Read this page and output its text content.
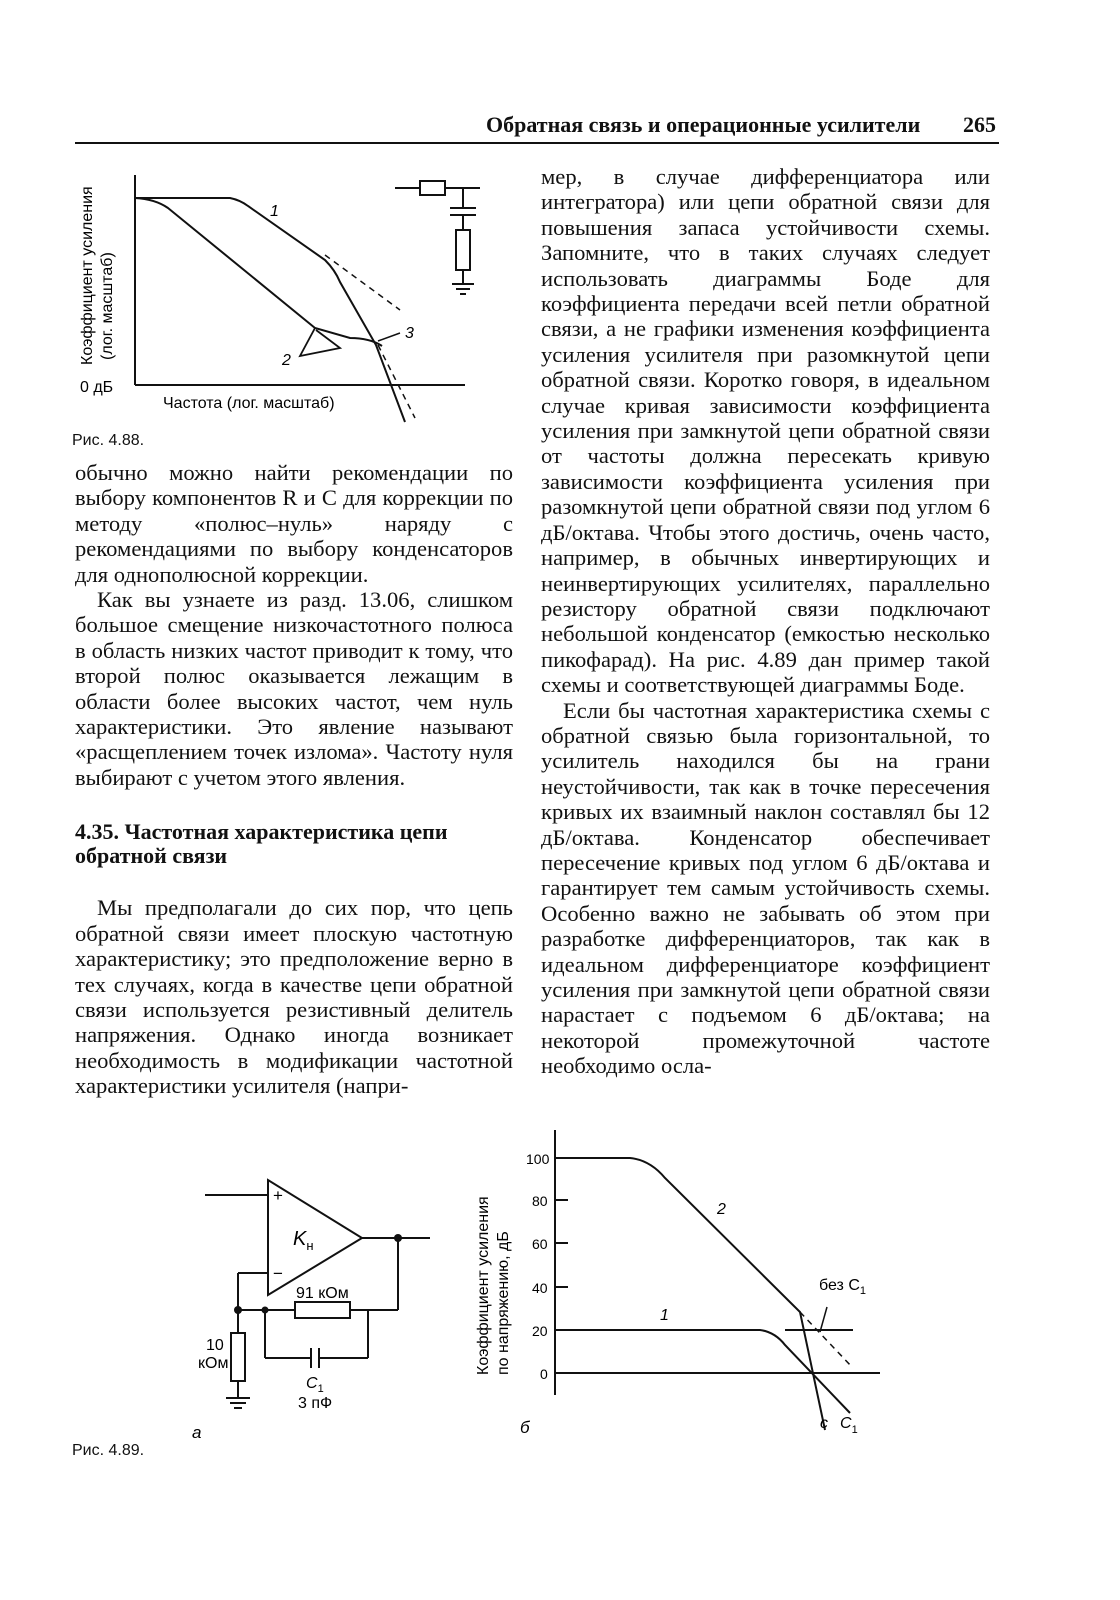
Обратная связь и операционные усилители 265
Коэффициент усиления (лог. масштаб)
0 дБ
Частота (лог. масштаб)
1
2
3
Рис. 4.88.

обычно можно найти рекомендации по выбору компонентов R и C для коррекции по методу «полюс–нуль» наряду с рекомендациями по выбору конденсаторов для однополюсной коррекции.

Как вы узнаете из разд. 13.06, слишком большое смещение низкочастотного полюса в область низких частот приводит к тому, что второй полюс оказывается лежащим в области более высоких частот, чем нуль характеристики. Это явление называют «расщеплением точек излома». Частоту нуля выбирают с учетом этого явления.

4.35. Частотная характеристика цепи обратной связи

Мы предполагали до сих пор, что цепь обратной связи имеет плоскую частотную характеристику; это предположение верно в тех случаях, когда в качестве цепи обратной связи используется резистивный делитель напряжения. Однако иногда возникает необходимость в модификации частотной характеристики усилителя (напри-

мер, в случае дифференциатора или интегратора) или цепи обратной связи для повышения запаса устойчивости схемы. Запомните, что в таких случаях следует использовать диаграммы Боде для коэффициента передачи всей петли обратной связи, а не графики изменения коэффициента усиления усилителя при разомкнутой цепи обратной связи. Коротко говоря, в идеальном случае кривая зависимости коэффициента усиления при замкнутой цепи обратной связи от частоты должна пересекать кривую зависимости коэффициента усиления при разомкнутой цепи обратной связи под углом 6 дБ/октава. Чтобы этого достичь, очень часто, например, в обычных инвертирующих и неинвертирующих усилителях, параллельно резистору обратной связи подключают небольшой конденсатор (емкостью несколько пикофарад). На рис. 4.89 дан пример такой схемы и соответствующей диаграммы Боде.

Если бы частотная характеристика схемы с обратной связью была горизонтальной, то усилитель находился бы на грани неустойчивости, так как в точке пересечения кривых их взаимный наклон составлял бы 12 дБ/октава. Конденсатор обеспечивает пересечение кривых под углом 6 дБ/октава и гарантирует тем самым устойчивость схемы. Особенно важно не забывать об этом при разработке дифференциаторов, так как в идеальном дифференциаторе коэффициент усиления при замкнутой цепи обратной связи нарастает с подъемом 6 дБ/октава; на некоторой промежуточной частоте необходимо осла-

+
−
$K_н$
91 кОм
10
кОм
$C_1$
3 пФ
а
Коэффициент усиления по напряжению, дБ
100
80
60
40
20
0
2
1
без $C_1$
c $C_1$
б
Рис. 4.89.
